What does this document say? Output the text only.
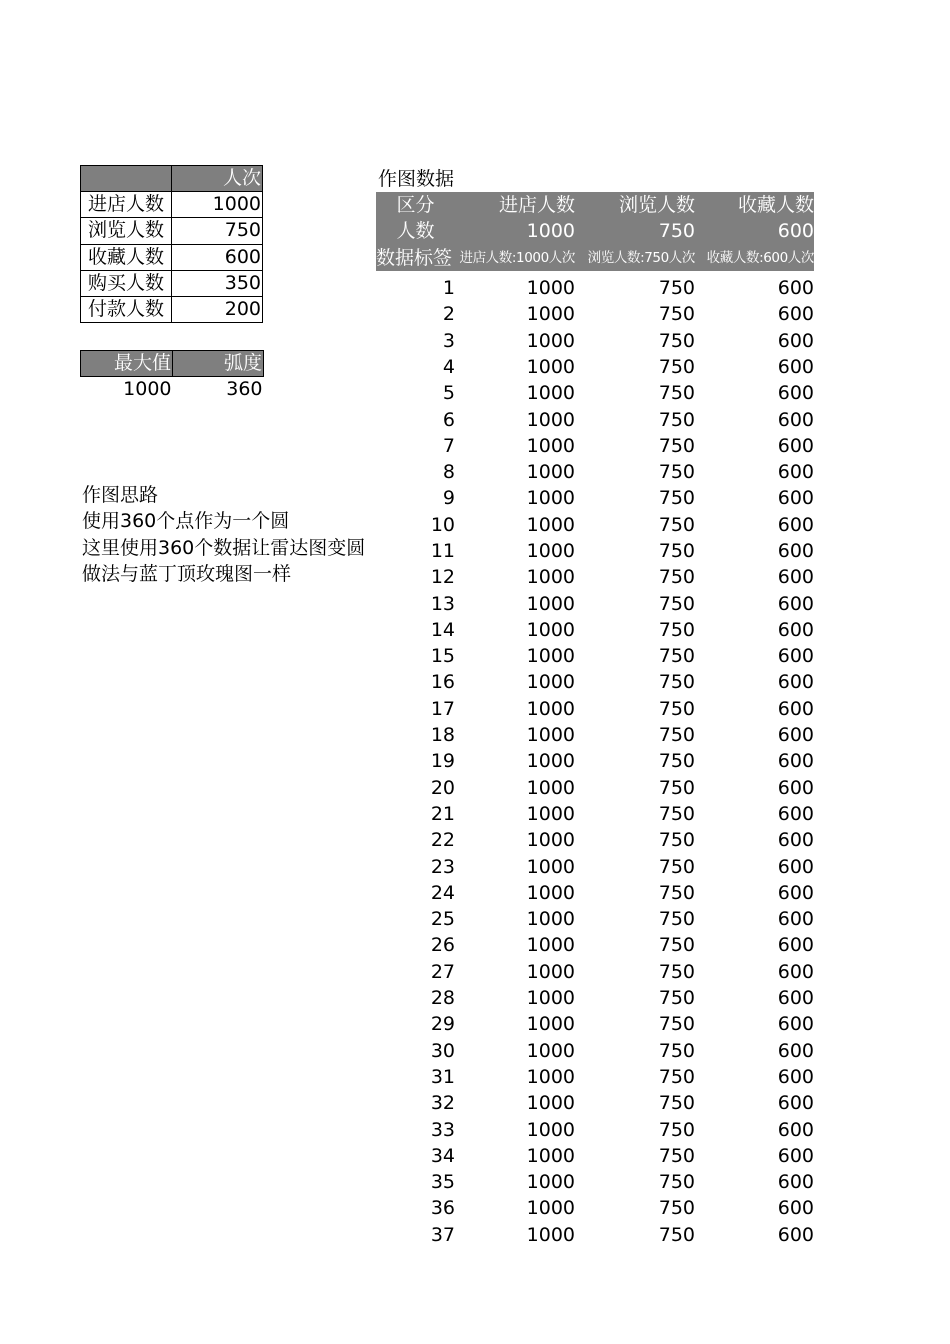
	人次
进店人数	1000
浏览人数	750
收藏人数	600
购买人数	350
付款人数	200
最大值	弧度
1000	360
作图思路
使用360个点作为一个圆
这里使用360个数据让雷达图变圆
做法与蓝丁顶玫瑰图一样
作图数据
区分	进店人数	浏览人数	收藏人数
人数	1000	750	600
数据标签	进店人数:1000人次	浏览人数:750人次	收藏人数:600人次
1	1000	750	600
2	1000	750	600
3	1000	750	600
4	1000	750	600
5	1000	750	600
6	1000	750	600
7	1000	750	600
8	1000	750	600
9	1000	750	600
10	1000	750	600
11	1000	750	600
12	1000	750	600
13	1000	750	600
14	1000	750	600
15	1000	750	600
16	1000	750	600
17	1000	750	600
18	1000	750	600
19	1000	750	600
20	1000	750	600
21	1000	750	600
22	1000	750	600
23	1000	750	600
24	1000	750	600
25	1000	750	600
26	1000	750	600
27	1000	750	600
28	1000	750	600
29	1000	750	600
30	1000	750	600
31	1000	750	600
32	1000	750	600
33	1000	750	600
34	1000	750	600
35	1000	750	600
36	1000	750	600
37	1000	750	600
